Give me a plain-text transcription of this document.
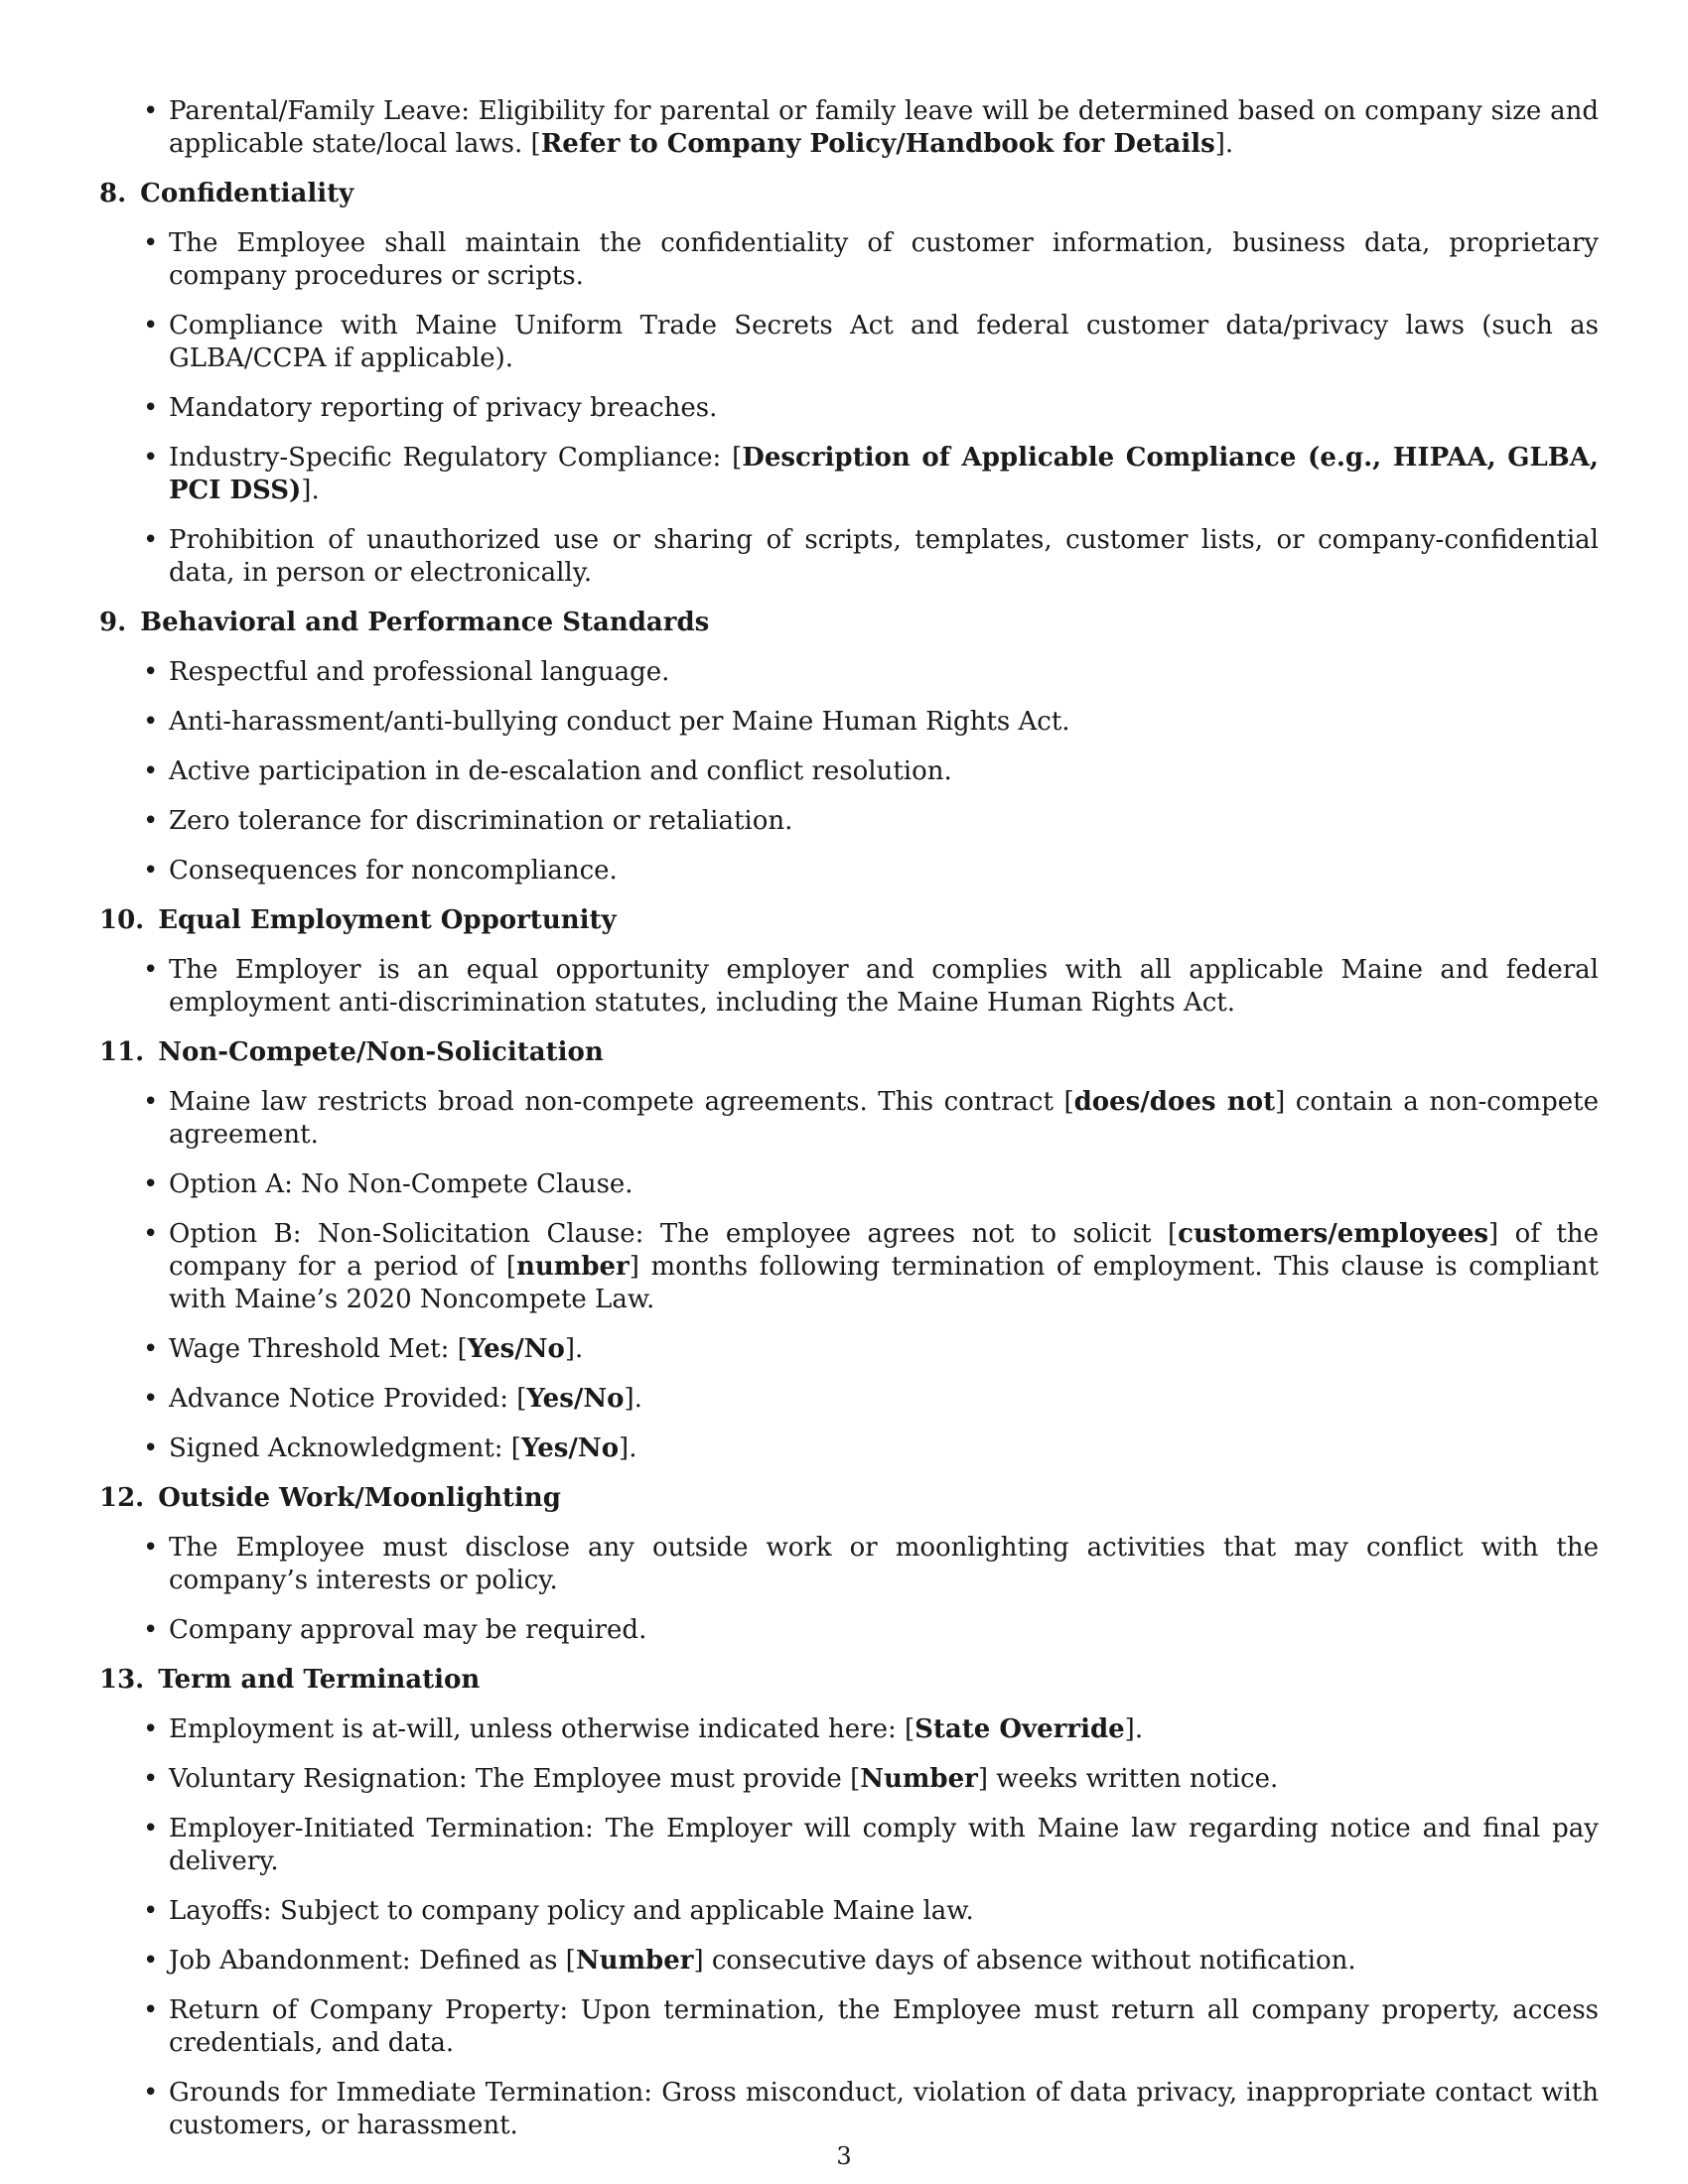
• Parental/Family Leave: Eligibility for parental or family leave will be determined based on company size and applicable state/local laws. [Refer to Company Policy/Handbook for Details].
8. Confidentiality
• The Employee shall maintain the confidentiality of customer information, business data, proprietary company procedures or scripts.
• Compliance with Maine Uniform Trade Secrets Act and federal customer data/privacy laws (such as GLBA/CCPA if applicable).
• Mandatory reporting of privacy breaches.
• Industry-Specific Regulatory Compliance: [Description of Applicable Compliance (e.g., HIPAA, GLBA, PCI DSS)].
• Prohibition of unauthorized use or sharing of scripts, templates, customer lists, or company-confidential data, in person or electronically.
9. Behavioral and Performance Standards
• Respectful and professional language.
• Anti-harassment/anti-bullying conduct per Maine Human Rights Act.
• Active participation in de-escalation and conflict resolution.
• Zero tolerance for discrimination or retaliation.
• Consequences for noncompliance.
10. Equal Employment Opportunity
• The Employer is an equal opportunity employer and complies with all applicable Maine and federal employment anti-discrimination statutes, including the Maine Human Rights Act.
11. Non-Compete/Non-Solicitation
• Maine law restricts broad non-compete agreements. This contract [does/does not] contain a non-compete agreement.
• Option A: No Non-Compete Clause.
• Option B: Non-Solicitation Clause: The employee agrees not to solicit [customers/employees] of the company for a period of [number] months following termination of employment. This clause is compliant with Maine’s 2020 Noncompete Law.
• Wage Threshold Met: [Yes/No].
• Advance Notice Provided: [Yes/No].
• Signed Acknowledgment: [Yes/No].
12. Outside Work/Moonlighting
• The Employee must disclose any outside work or moonlighting activities that may conflict with the company’s interests or policy.
• Company approval may be required.
13. Term and Termination
• Employment is at-will, unless otherwise indicated here: [State Override].
• Voluntary Resignation: The Employee must provide [Number] weeks written notice.
• Employer-Initiated Termination: The Employer will comply with Maine law regarding notice and final pay delivery.
• Layoffs: Subject to company policy and applicable Maine law.
• Job Abandonment: Defined as [Number] consecutive days of absence without notification.
• Return of Company Property: Upon termination, the Employee must return all company property, access credentials, and data.
• Grounds for Immediate Termination: Gross misconduct, violation of data privacy, inappropriate contact with customers, or harassment.
3
